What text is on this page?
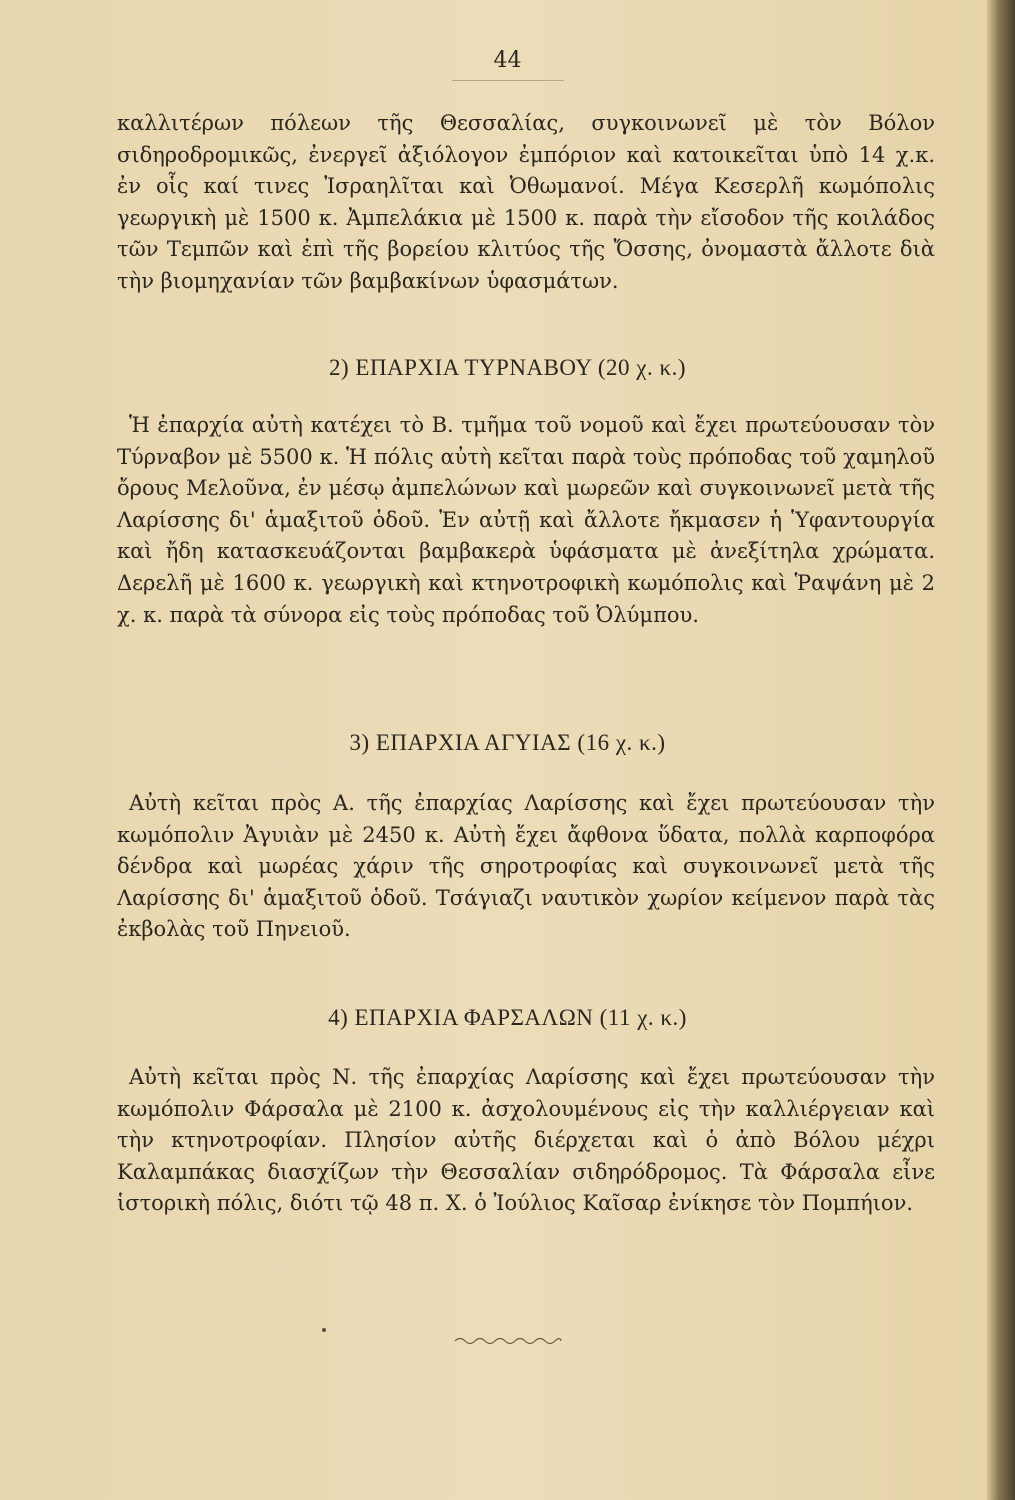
44

καλλιτέρων πόλεων τῆς Θεσσαλίας, συγκοινωνεῖ μὲ τὸν Βόλον σιδηροδρομικῶς, ἐνεργεῖ ἀξιόλογον ἐμπόριον καὶ κατοικεῖται ὑπὸ 14 χ.κ. ἐν οἷς καί τινες Ἰσραηλῖται καὶ Ὀθωμανοί. Μέγα Κεσερλῆ κωμόπολις γεωργικὴ μὲ 1500 κ. Ἀμπελάκια μὲ 1500 κ. παρὰ τὴν εἴσοδον τῆς κοιλάδος τῶν Τεμπῶν καὶ ἐπὶ τῆς βορείου κλιτύος τῆς Ὄσσης, ὀνομαστὰ ἄλλοτε διὰ τὴν βιομηχανίαν τῶν βαμβακίνων ὑφασμάτων.

2) ΕΠΑΡΧΙΑ ΤΥΡΝΑΒΟΥ (20 χ. κ.)

Ἡ ἐπαρχία αὐτὴ κατέχει τὸ Β. τμῆμα τοῦ νομοῦ καὶ ἔχει πρωτεύουσαν τὸν Τύρναβον μὲ 5500 κ. Ἡ πόλις αὐτὴ κεῖται παρὰ τοὺς πρόποδας τοῦ χαμηλοῦ ὄρους Μελοῦνα, ἐν μέσῳ ἀμπελώνων καὶ μωρεῶν καὶ συγκοινωνεῖ μετὰ τῆς Λαρίσσης δι' ἁμαξιτοῦ ὁδοῦ. Ἐν αὐτῇ καὶ ἄλλοτε ἤκμασεν ἡ Ὑφαντουργία καὶ ἤδη κατασκευάζονται βαμβακερὰ ὑφάσματα μὲ ἀνεξίτηλα χρώματα. Δερελῆ μὲ 1600 κ. γεωργικὴ καὶ κτηνοτροφικὴ κωμόπολις καὶ Ῥαψάνη μὲ 2 χ. κ. παρὰ τὰ σύνορα εἰς τοὺς πρόποδας τοῦ Ὀλύμπου.

3) ΕΠΑΡΧΙΑ ΑΓΥΙΑΣ (16 χ. κ.)

Αὐτὴ κεῖται πρὸς Α. τῆς ἐπαρχίας Λαρίσσης καὶ ἔχει πρωτεύουσαν τὴν κωμόπολιν Ἀγυιὰν μὲ 2450 κ. Αὐτὴ ἔχει ἄφθονα ὕδατα, πολλὰ καρποφόρα δένδρα καὶ μωρέας χάριν τῆς σηροτροφίας καὶ συγκοινωνεῖ μετὰ τῆς Λαρίσσης δι' ἁμαξιτοῦ ὁδοῦ. Τσάγιαζι ναυτικὸν χωρίον κείμενον παρὰ τὰς ἐκβολὰς τοῦ Πηνειοῦ.

4) ΕΠΑΡΧΙΑ ΦΑΡΣΑΛΩΝ (11 χ. κ.)

Αὐτὴ κεῖται πρὸς Ν. τῆς ἐπαρχίας Λαρίσσης καὶ ἔχει πρωτεύουσαν τὴν κωμόπολιν Φάρσαλα μὲ 2100 κ. ἀσχολουμένους εἰς τὴν καλλιέργειαν καὶ τὴν κτηνοτροφίαν. Πλησίον αὐτῆς διέρχεται καὶ ὁ ἀπὸ Βόλου μέχρι Καλαμπάκας διασχίζων τὴν Θεσσαλίαν σιδηρόδρομος. Τὰ Φάρσαλα εἶνε ἱστορικὴ πόλις, διότι τῷ 48 π. Χ. ὁ Ἰούλιος Καῖσαρ ἐνίκησε τὸν Πομπήιον.
